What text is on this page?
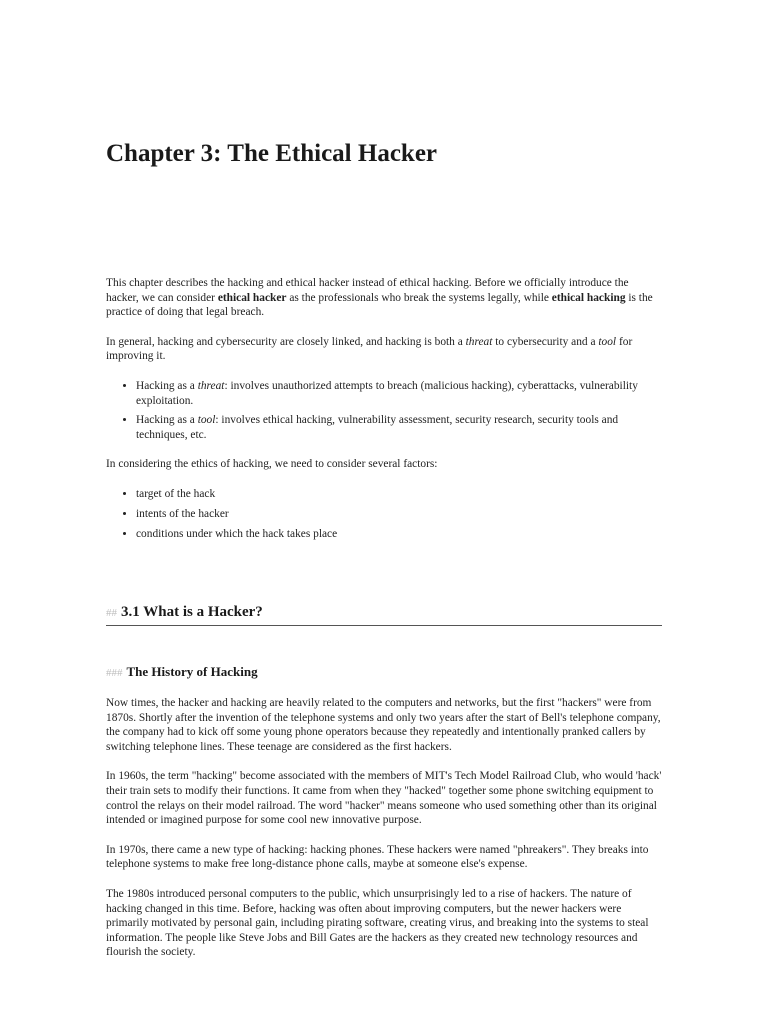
Chapter 3: The Ethical Hacker

This chapter describes the hacking and ethical hacker instead of ethical hacking. Before we officially introduce the hacker, we can consider ethical hacker as the professionals who break the systems legally, while ethical hacking is the practice of doing that legal breach.

In general, hacking and cybersecurity are closely linked, and hacking is both a threat to cybersecurity and a tool for improving it.

• Hacking as a threat: involves unauthorized attempts to breach (malicious hacking), cyberattacks, vulnerability exploitation.
• Hacking as a tool: involves ethical hacking, vulnerability assessment, security research, security tools and techniques, etc.

In considering the ethics of hacking, we need to consider several factors:

• target of the hack
• intents of the hacker
• conditions under which the hack takes place
## 3.1 What is a Hacker?
### The History of Hacking

Now times, the hacker and hacking are heavily related to the computers and networks, but the first "hackers" were from 1870s. Shortly after the invention of the telephone systems and only two years after the start of Bell's telephone company, the company had to kick off some young phone operators because they repeatedly and intentionally pranked callers by switching telephone lines. These teenage are considered as the first hackers.

In 1960s, the term "hacking" become associated with the members of MIT's Tech Model Railroad Club, who would 'hack' their train sets to modify their functions. It came from when they "hacked" together some phone switching equipment to control the relays on their model railroad. The word "hacker" means someone who used something other than its original intended or imagined purpose for some cool new innovative purpose.

In 1970s, there came a new type of hacking: hacking phones. These hackers were named "phreakers". They breaks into telephone systems to make free long-distance phone calls, maybe at someone else's expense.

The 1980s introduced personal computers to the public, which unsurprisingly led to a rise of hackers. The nature of hacking changed in this time. Before, hacking was often about improving computers, but the newer hackers were primarily motivated by personal gain, including pirating software, creating virus, and breaking into the systems to steal information. The people like Steve Jobs and Bill Gates are the hackers as they created new technology resources and flourish the society.
